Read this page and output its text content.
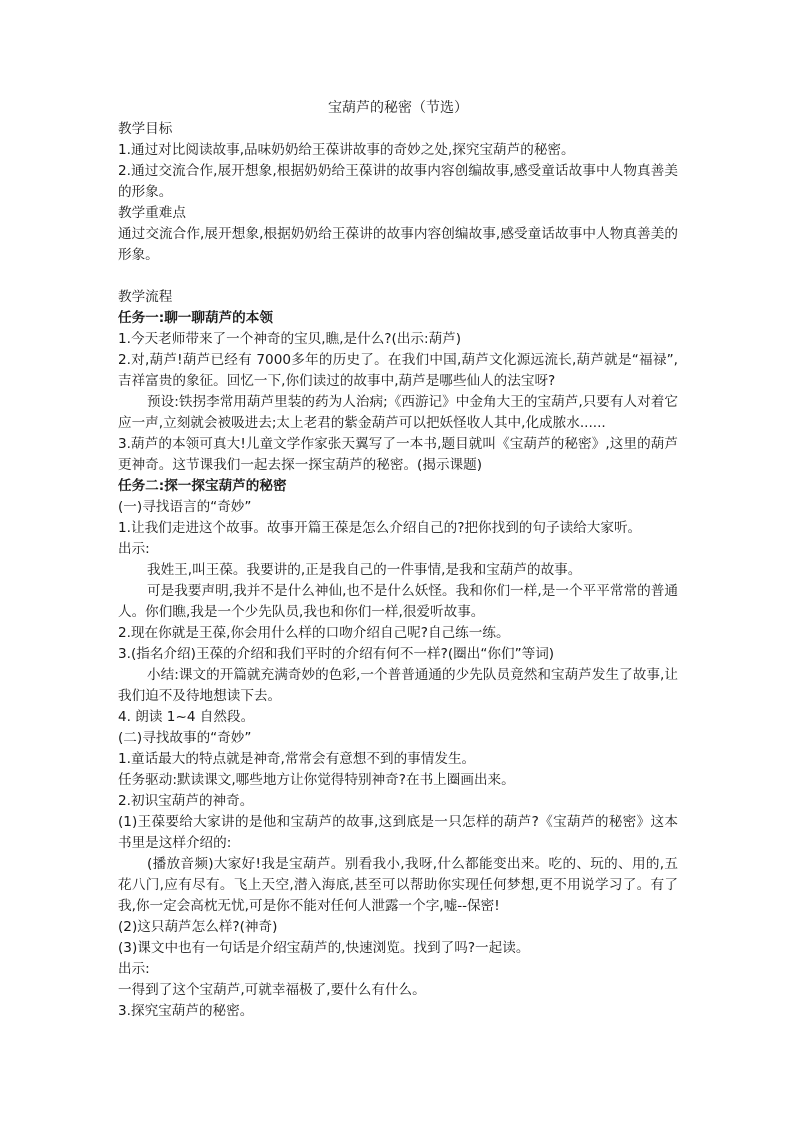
宝葫芦的秘密（节选）

教学目标

1.通过对比阅读故事,品味奶奶给王葆讲故事的奇妙之处,探究宝葫芦的秘密。

2.通过交流合作,展开想象,根据奶奶给王葆讲的故事内容创编故事,感受童话故事中人物真善美的形象。

教学重难点

通过交流合作,展开想象,根据奶奶给王葆讲的故事内容创编故事,感受童话故事中人物真善美的形象。

教学流程

任务一:聊一聊葫芦的本领

1.今天老师带来了一个神奇的宝贝,瞧,是什么?(出示:葫芦)

2.对,葫芦!葫芦已经有 7000多年的历史了。在我们中国,葫芦文化源远流长,葫芦就是“福禄”,吉祥富贵的象征。回忆一下,你们读过的故事中,葫芦是哪些仙人的法宝呀?

预设:铁拐李常用葫芦里装的药为人治病;《西游记》中金角大王的宝葫芦,只要有人对着它应一声,立刻就会被吸进去;太上老君的紫金葫芦可以把妖怪收人其中,化成脓水......

3.葫芦的本领可真大!儿童文学作家张天翼写了一本书,题目就叫《宝葫芦的秘密》,这里的葫芦更神奇。这节课我们一起去探一探宝葫芦的秘密。(揭示课题)

任务二:探一探宝葫芦的秘密

(一)寻找语言的“奇妙”

1.让我们走进这个故事。故事开篇王葆是怎么介绍自己的?把你找到的句子读给大家听。

出示:

我姓王,叫王葆。我要讲的,正是我自己的一件事情,是我和宝葫芦的故事。

可是我要声明,我并不是什么神仙,也不是什么妖怪。我和你们一样,是一个平平常常的普通人。你们瞧,我是一个少先队员,我也和你们一样,很爱听故事。

2.现在你就是王葆,你会用什么样的口吻介绍自己呢?自己练一练。

3.(指名介绍)王葆的介绍和我们平时的介绍有何不一样?(圈出“你们”等词)

小结:课文的开篇就充满奇妙的色彩,一个普普通通的少先队员竟然和宝葫芦发生了故事,让我们迫不及待地想读下去。

4. 朗读 1~4 自然段。

(二)寻找故事的“奇妙”

1.童话最大的特点就是神奇,常常会有意想不到的事情发生。

任务驱动:默读课文,哪些地方让你觉得特别神奇?在书上圈画出来。

2.初识宝葫芦的神奇。

(1)王葆要给大家讲的是他和宝葫芦的故事,这到底是一只怎样的葫芦?《宝葫芦的秘密》这本书里是这样介绍的:

(播放音频)大家好!我是宝葫芦。别看我小,我呀,什么都能变出来。吃的、玩的、用的,五花八门,应有尽有。飞上天空,潜入海底,甚至可以帮助你实现任何梦想,更不用说学习了。有了我,你一定会高枕无忧,可是你不能对任何人泄露一个字,嘘--保密!

(2)这只葫芦怎么样?(神奇)

(3)课文中也有一句话是介绍宝葫芦的,快速浏览。找到了吗?一起读。

出示:

一得到了这个宝葫芦,可就幸福极了,要什么有什么。

3.探究宝葫芦的秘密。
